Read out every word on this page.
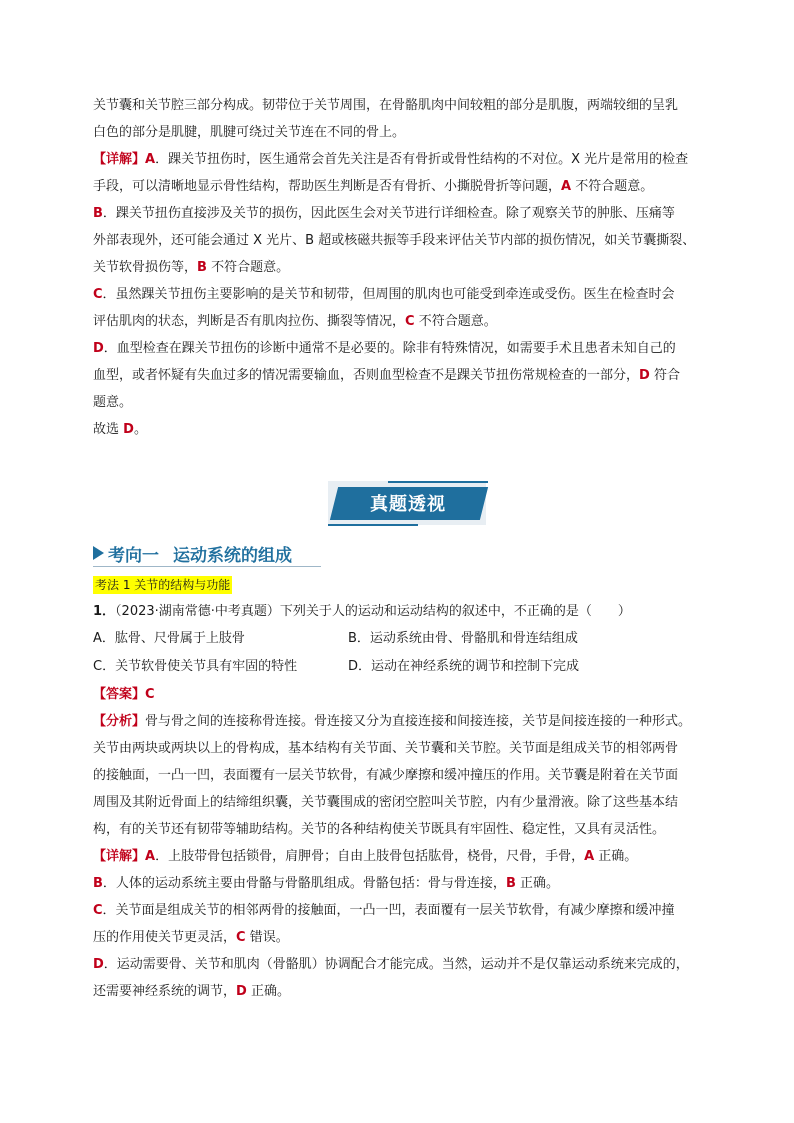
关节囊和关节腔三部分构成。韧带位于关节周围，在骨骼肌肉中间较粗的部分是肌腹，两端较细的呈乳

白色的部分是肌腱，肌腱可绕过关节连在不同的骨上。

【详解】A．踝关节扭伤时，医生通常会首先关注是否有骨折或骨性结构的不对位。X 光片是常用的检查

手段，可以清晰地显示骨性结构，帮助医生判断是否有骨折、小撕脱骨折等问题，A 不符合题意。

B．踝关节扭伤直接涉及关节的损伤，因此医生会对关节进行详细检查。除了观察关节的肿胀、压痛等

外部表现外，还可能会通过 X 光片、B 超或核磁共振等手段来评估关节内部的损伤情况，如关节囊撕裂、

关节软骨损伤等，B 不符合题意。

C．虽然踝关节扭伤主要影响的是关节和韧带，但周围的肌肉也可能受到牵连或受伤。医生在检查时会

评估肌肉的状态，判断是否有肌肉拉伤、撕裂等情况，C 不符合题意。

D．血型检查在踝关节扭伤的诊断中通常不是必要的。除非有特殊情况，如需要手术且患者未知自己的

血型，或者怀疑有失血过多的情况需要输血，否则血型检查不是踝关节扭伤常规检查的一部分，D 符合

题意。

故选 D。

真题透视
考向一 运动系统的组成
考法 1 关节的结构与功能
1．（2023·湖南常德·中考真题）下列关于人的运动和运动结构的叙述中，不正确的是（　　）
A．肱骨、尺骨属于上肢骨	B．运动系统由骨、骨骼肌和骨连结组成
C．关节软骨使关节具有牢固的特性	D．运动在神经系统的调节和控制下完成

【答案】C

【分析】骨与骨之间的连接称骨连接。骨连接又分为直接连接和间接连接，关节是间接连接的一种形式。

关节由两块或两块以上的骨构成，基本结构有关节面、关节囊和关节腔。关节面是组成关节的相邻两骨

的接触面，一凸一凹，表面覆有一层关节软骨，有减少摩擦和缓冲撞压的作用。关节囊是附着在关节面

周围及其附近骨面上的结缔组织囊，关节囊围成的密闭空腔叫关节腔，内有少量滑液。除了这些基本结

构，有的关节还有韧带等辅助结构。关节的各种结构使关节既具有牢固性、稳定性，又具有灵活性。

【详解】A．上肢带骨包括锁骨，肩胛骨；自由上肢骨包括肱骨，桡骨，尺骨，手骨，A 正确。

B．人体的运动系统主要由骨骼与骨骼肌组成。骨骼包括：骨与骨连接，B 正确。

C．关节面是组成关节的相邻两骨的接触面，一凸一凹，表面覆有一层关节软骨，有减少摩擦和缓冲撞

压的作用使关节更灵活，C 错误。

D．运动需要骨、关节和肌肉（骨骼肌）协调配合才能完成。当然，运动并不是仅靠运动系统来完成的，

还需要神经系统的调节，D 正确。
